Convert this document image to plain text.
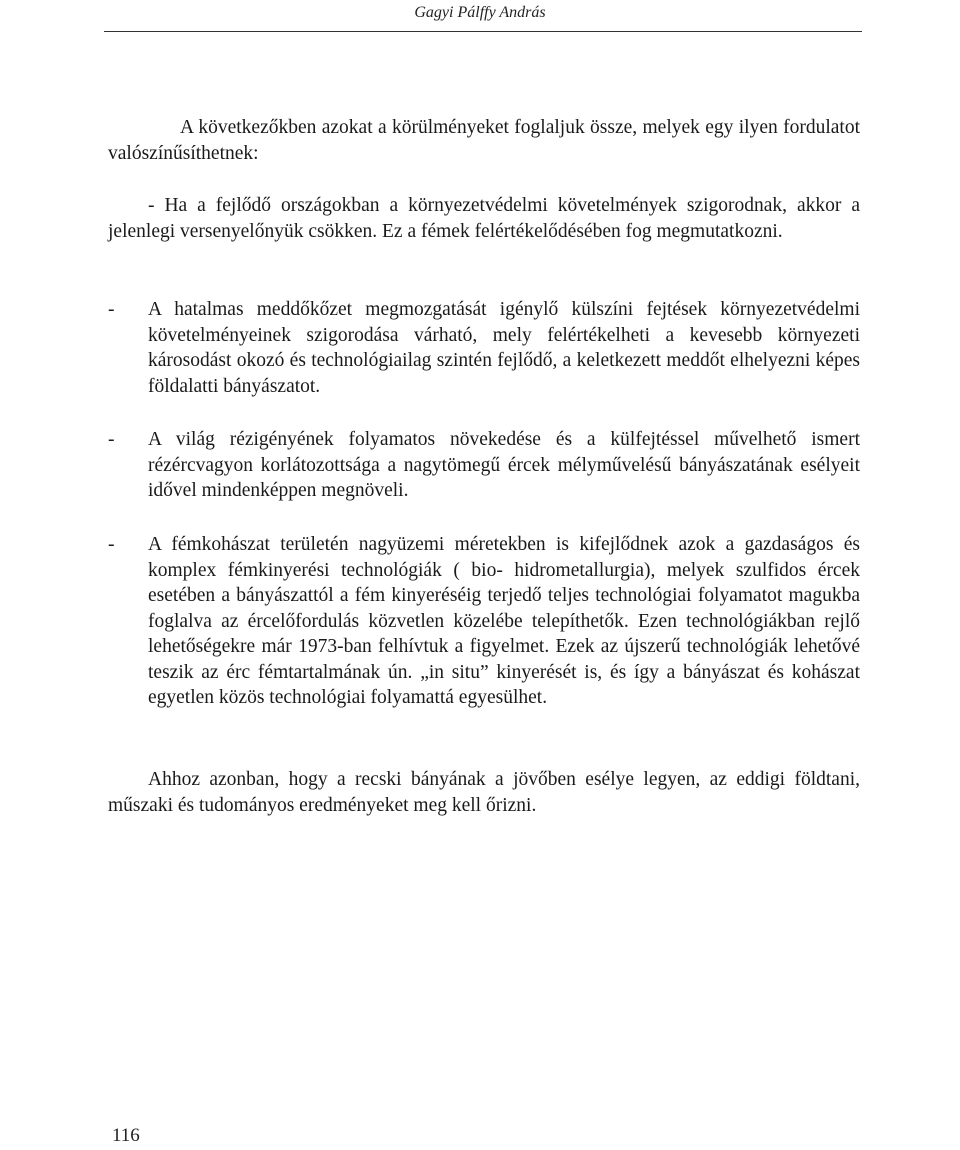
Gagyi Pálffy András

A következőkben azokat a körülményeket foglaljuk össze, melyek egy ilyen fordulatot valószínűsíthetnek:

- Ha a fejlődő országokban a környezetvédelmi követelmények szigorodnak, akkor a jelenlegi versenyelőnyük csökken. Ez a fémek felértékelődésében fog megmutatkozni.
- A hatalmas meddőkőzet megmozgatását igénylő külszíni fejtések környezetvédelmi követelményeinek szigorodása várható, mely felértékelheti a kevesebb környezeti károsodást okozó és technológiailag szintén fejlődő, a keletkezett meddőt elhelyezni képes földalatti bányászatot.
- A világ rézigényének folyamatos növekedése és a külfejtéssel művelhető ismert rézércvagyon korlátozottsága a nagytömegű ércek mélyművelésű bányászatának esélyeit idővel mindenképpen megnöveli.
- A fémkohászat területén nagyüzemi méretekben is kifejlődnek azok a gazdaságos és komplex fémkinyerési technológiák ( bio- hidrometallurgia), melyek szulfidos ércek esetében a bányászattól a fém kinyeréséig terjedő teljes technológiai folyamatot magukba foglalva az ércelőfordulás közvetlen közelébe telepíthetők. Ezen technológiákban rejlő lehetőségekre már 1973-ban felhívtuk a figyelmet. Ezek az újszerű technológiák lehetővé teszik az érc fémtartalmának ún. „in situ” kinyerését is, és így a bányászat és kohászat egyetlen közös technológiai folyamattá egyesülhet.

Ahhoz azonban, hogy a recski bányának a jövőben esélye legyen, az eddigi földtani, műszaki és tudományos eredményeket meg kell őrizni.

116
